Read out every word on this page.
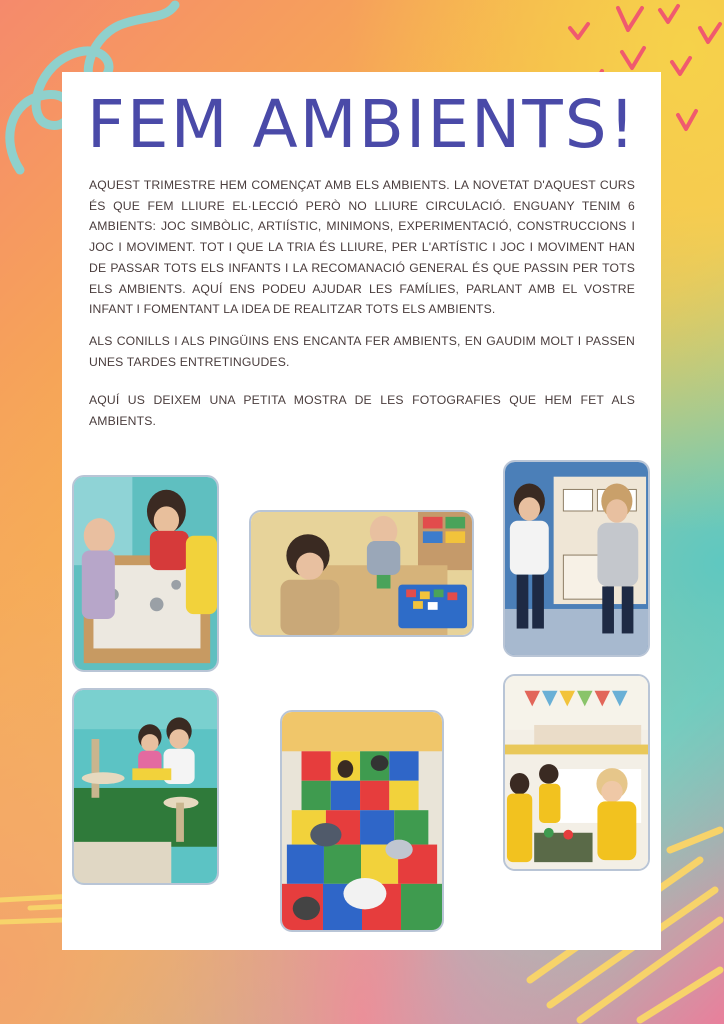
FEM AMBIENTS!

AQUEST TRIMESTRE HEM COMENÇAT AMB ELS AMBIENTS. LA NOVETAT D'AQUEST CURS ÉS QUE FEM LLIURE EL·LECCIÓ PERÒ NO LLIURE CIRCULACIÓ. ENGUANY TENIM 6 AMBIENTS: JOC SIMBÒLIC, ARTIÍSTIC, MINIMONS, EXPERIMENTACIÓ, CONSTRUCCIONS I JOC I MOVIMENT. TOT I QUE LA TRIA ÉS LLIURE, PER L'ARTÍSTIC I JOC I MOVIMENT HAN DE PASSAR TOTS ELS INFANTS I LA RECOMANACIÓ GENERAL ÉS QUE PASSIN PER TOTS ELS AMBIENTS. AQUÍ ENS PODEU AJUDAR LES FAMÍLIES, PARLANT AMB EL VOSTRE INFANT I FOMENTANT LA IDEA DE REALITZAR TOTS ELS AMBIENTS.

ALS CONILLS I ALS PINGÜINS ENS ENCANTA FER AMBIENTS, EN GAUDIM MOLT I PASSEN UNES TARDES ENTRETINGUDES.

AQUÍ US DEIXEM UNA PETITA MOSTRA DE LES FOTOGRAFIES QUE HEM FET ALS AMBIENTS.
